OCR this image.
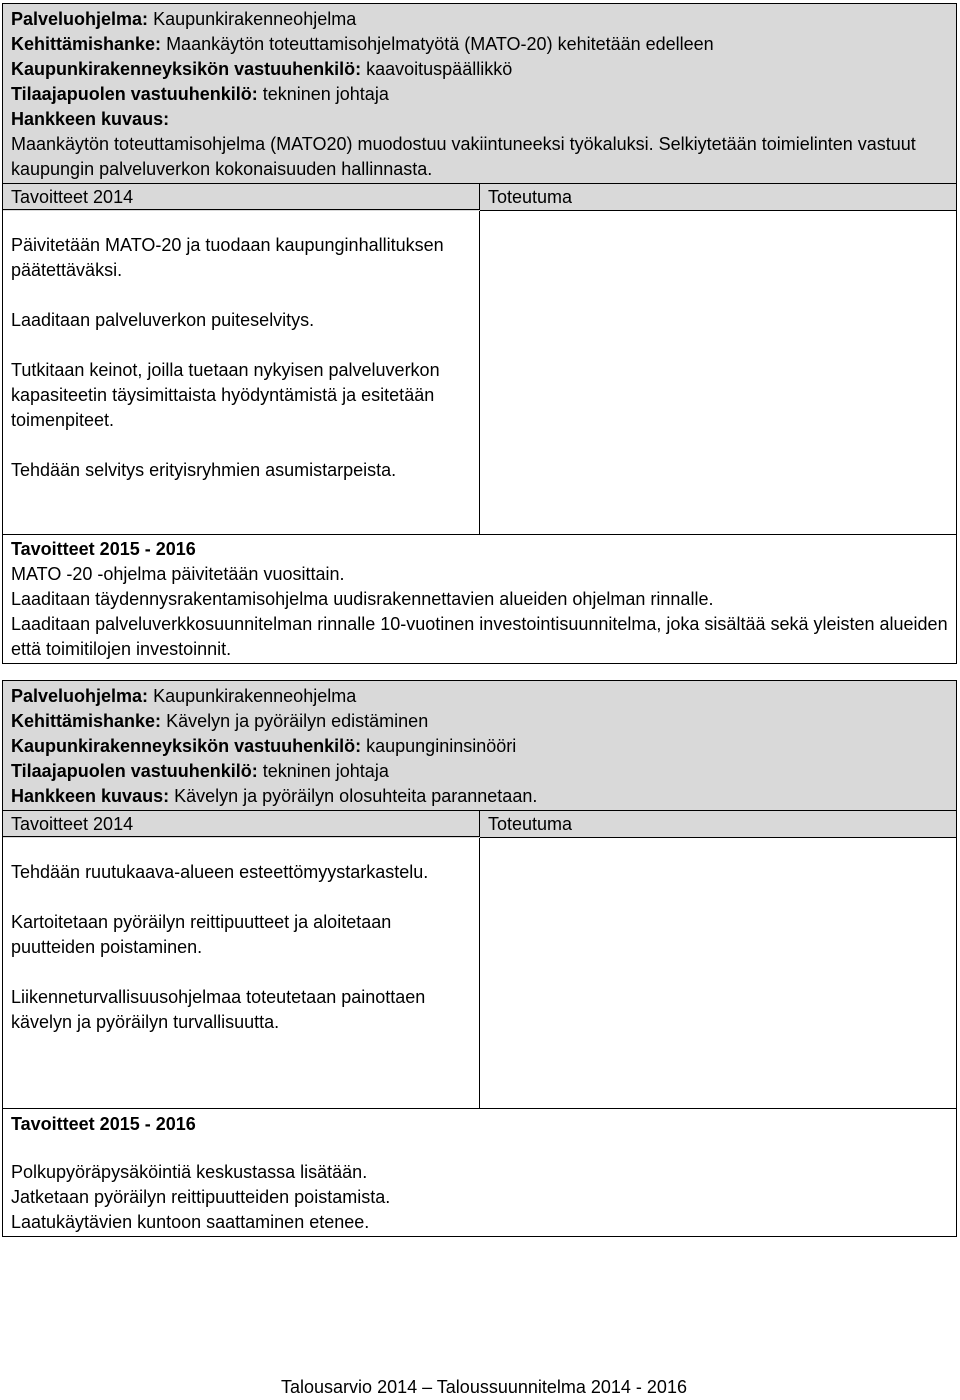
Palveluohjelma: Kaupunkirakenneohjelma

Kehittämishanke: Maankäytön toteuttamisohjelmatyötä (MATO-20) kehitetään edelleen

Kaupunkirakenneyksikön vastuuhenkilö: kaavoituspäällikkö

Tilaajapuolen vastuuhenkilö: tekninen johtaja

Hankkeen kuvaus:

Maankäytön toteuttamisohjelma (MATO20) muodostuu vakiintuneeksi työkaluksi. Selkiytetään toimielinten vastuut kaupungin palveluverkon kokonaisuuden hallinnasta.

Tavoitteet 2014	Toteutuma

Päivitetään MATO-20 ja tuodaan kaupunginhallituksen päätettäväksi.

Laaditaan palveluverkon puiteselvitys.

Tutkitaan keinot, joilla tuetaan nykyisen palveluverkon kapasiteetin täysimittaista hyödyntämistä ja esitetään toimenpiteet.

Tehdään selvitys erityisryhmien asumistarpeista.

Tavoitteet 2015 - 2016

MATO -20 -ohjelma päivitetään vuosittain.

Laaditaan täydennysrakentamisohjelma uudisrakennettavien alueiden ohjelman rinnalle.

Laaditaan palveluverkkosuunnitelman rinnalle 10-vuotinen investointisuunnitelma, joka sisältää sekä yleisten alueiden että toimitilojen investoinnit.

Palveluohjelma: Kaupunkirakenneohjelma

Kehittämishanke: Kävelyn ja pyöräilyn edistäminen

Kaupunkirakenneyksikön vastuuhenkilö: kaupungininsinööri

Tilaajapuolen vastuuhenkilö: tekninen johtaja

Hankkeen kuvaus: Kävelyn ja pyöräilyn olosuhteita parannetaan.

Tavoitteet 2014	Toteutuma

Tehdään ruutukaava-alueen esteettömyystarkastelu.

Kartoitetaan pyöräilyn reittipuutteet ja aloitetaan puutteiden poistaminen.

Liikenneturvallisuusohjelmaa toteutetaan painottaen kävelyn ja pyöräilyn turvallisuutta.

Tavoitteet 2015 - 2016

Polkupyöräpysäköintiä keskustassa lisätään.

Jatketaan pyöräilyn reittipuutteiden poistamista.

Laatukäytävien kuntoon saattaminen etenee.

Talousarvio 2014 – Taloussuunnitelma 2014 - 2016
